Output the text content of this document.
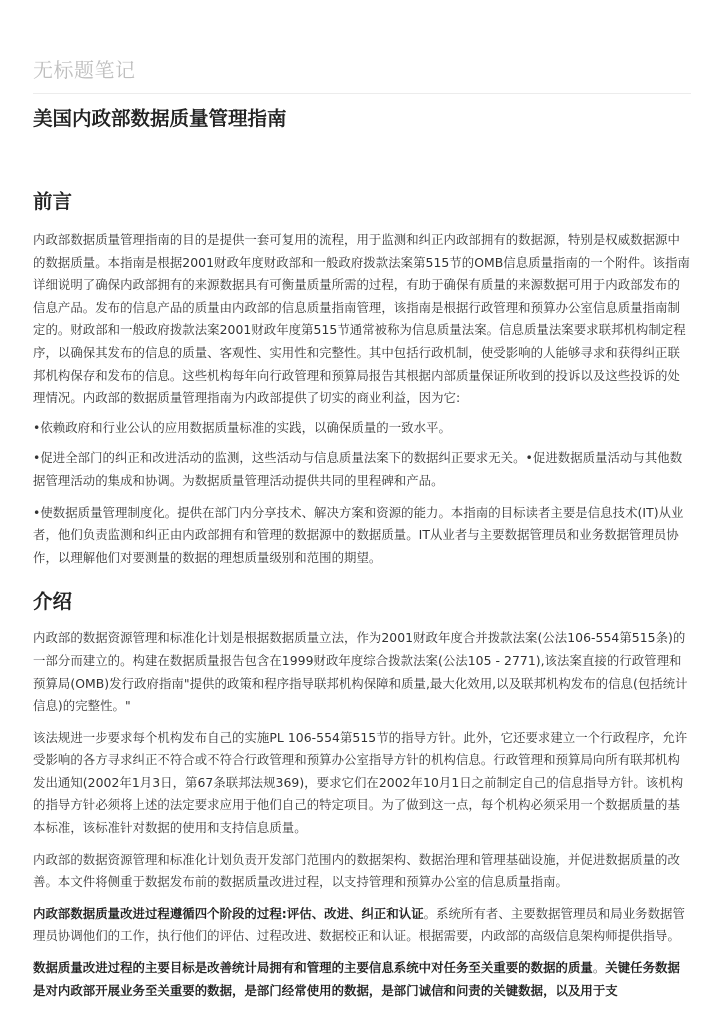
无标题笔记
美国内政部数据质量管理指南
前言

内政部数据质量管理指南的目的是提供一套可复用的流程，用于监测和纠正内政部拥有的数据源，特别是权威数据源中的数据质量。本指南是根据2001财政年度财政部和一般政府拨款法案第515节的OMB信息质量指南的一个附件。该指南详细说明了确保内政部拥有的来源数据具有可衡量质量所需的过程，有助于确保有质量的来源数据可用于内政部发布的信息产品。发布的信息产品的质量由内政部的信息质量指南管理，该指南是根据行政管理和预算办公室信息质量指南制定的。财政部和一般政府拨款法案2001财政年度第515节通常被称为信息质量法案。信息质量法案要求联邦机构制定程序，以确保其发布的信息的质量、客观性、实用性和完整性。其中包括行政机制，使受影响的人能够寻求和获得纠正联邦机构保存和发布的信息。这些机构每年向行政管理和预算局报告其根据内部质量保证所收到的投诉以及这些投诉的处理情况。内政部的数据质量管理指南为内政部提供了切实的商业利益，因为它:

•依赖政府和行业公认的应用数据质量标准的实践，以确保质量的一致水平。

•促进全部门的纠正和改进活动的监测，这些活动与信息质量法案下的数据纠正要求无关。•促进数据质量活动与其他数据管理活动的集成和协调。为数据质量管理活动提供共同的里程碑和产品。

•使数据质量管理制度化。提供在部门内分享技术、解决方案和资源的能力。本指南的目标读者主要是信息技术(IT)从业者，他们负责监测和纠正由内政部拥有和管理的数据源中的数据质量。IT从业者与主要数据管理员和业务数据管理员协作，以理解他们对要测量的数据的理想质量级别和范围的期望。

介绍

内政部的数据资源管理和标准化计划是根据数据质量立法，作为2001财政年度合并拨款法案(公法106-554第515条)的一部分而建立的。构建在数据质量报告包含在1999财政年度综合拨款法案(公法105 - 2771),该法案直接的行政管理和预算局(OMB)发行政府指南"提供的政策和程序指导联邦机构保障和质量,最大化效用,以及联邦机构发布的信息(包括统计信息)的完整性。"

该法规进一步要求每个机构发布自己的实施PL 106-554第515节的指导方针。此外，它还要求建立一个行政程序，允许受影响的各方寻求纠正不符合或不符合行政管理和预算办公室指导方针的机构信息。行政管理和预算局向所有联邦机构发出通知(2002年1月3日，第67条联邦法规369)，要求它们在2002年10月1日之前制定自己的信息指导方针。该机构的指导方针必须将上述的法定要求应用于他们自己的特定项目。为了做到这一点，每个机构必须采用一个数据质量的基本标准，该标准针对数据的使用和支持信息质量。

内政部的数据资源管理和标准化计划负责开发部门范围内的数据架构、数据治理和管理基础设施，并促进数据质量的改善。本文件将侧重于数据发布前的数据质量改进过程，以支持管理和预算办公室的信息质量指南。

内政部数据质量改进过程遵循四个阶段的过程:评估、改进、纠正和认证。系统所有者、主要数据管理员和局业务数据管理员协调他们的工作，执行他们的评估、过程改进、数据校正和认证。根据需要，内政部的高级信息架构师提供指导。

数据质量改进过程的主要目标是改善统计局拥有和管理的主要信息系统中对任务至关重要的数据的质量。关键任务数据是对内政部开展业务至关重要的数据，是部门经常使用的数据，是部门诚信和问责的关键数据，以及用于支
